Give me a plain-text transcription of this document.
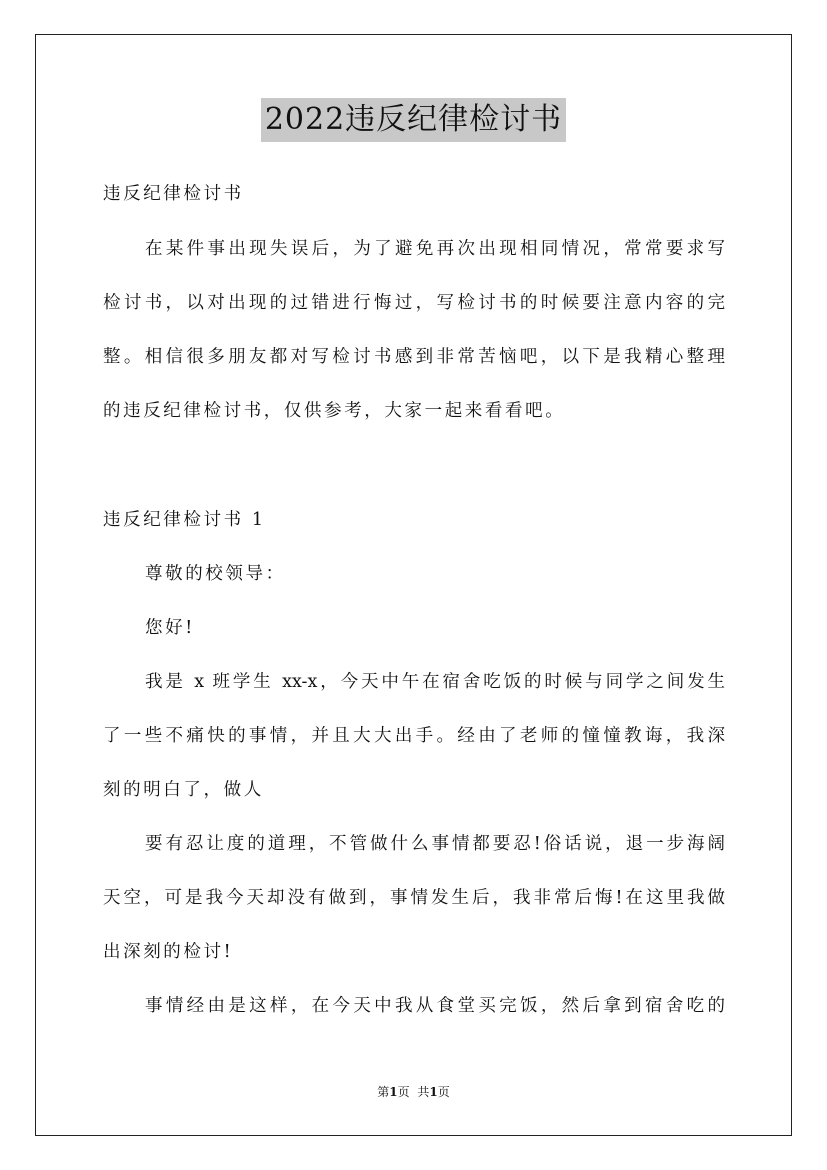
2022违反纪律检讨书
违反纪律检讨书
在某件事出现失误后，为了避免再次出现相同情况，常常要求写
检讨书，以对出现的过错进行悔过，写检讨书的时候要注意内容的完
整。相信很多朋友都对写检讨书感到非常苦恼吧，以下是我精心整理
的违反纪律检讨书，仅供参考，大家一起来看看吧。
违反纪律检讨书 1
尊敬的校领导：
您好!
我是 x 班学生 xx-x，今天中午在宿舍吃饭的时候与同学之间发生
了一些不痛快的事情，并且大大出手。经由了老师的憧憧教诲，我深
刻的明白了，做人
要有忍让度的道理，不管做什么事情都要忍!俗话说，退一步海阔
天空，可是我今天却没有做到，事情发生后，我非常后悔!在这里我做
出深刻的检讨!
事情经由是这样，在今天中我从食堂买完饭，然后拿到宿舍吃的
第1页 共1页
